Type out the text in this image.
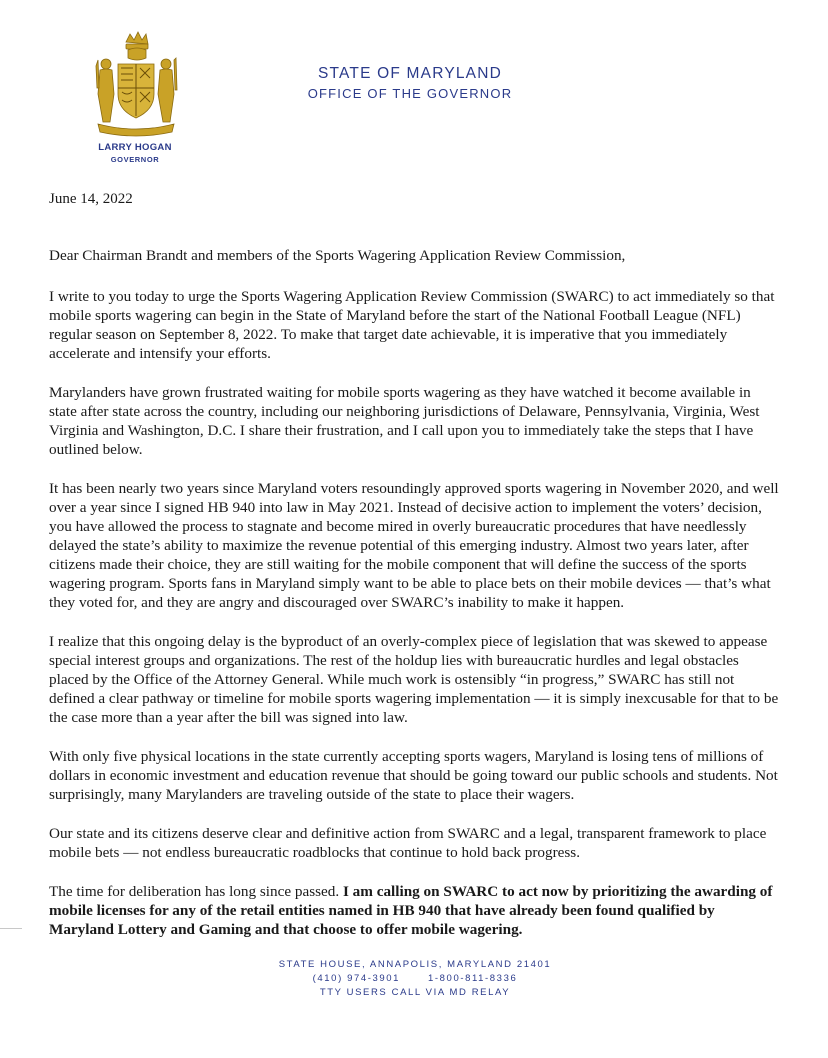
LARRY HOGAN
GOVERNOR
STATE OF MARYLAND
OFFICE OF THE GOVERNOR
June 14, 2022

Dear Chairman Brandt and members of the Sports Wagering Application Review Commission,

I write to you today to urge the Sports Wagering Application Review Commission (SWARC) to act immediately so that mobile sports wagering can begin in the State of Maryland before the start of the National Football League (NFL) regular season on September 8, 2022. To make that target date achievable, it is imperative that you immediately accelerate and intensify your efforts.

Marylanders have grown frustrated waiting for mobile sports wagering as they have watched it become available in state after state across the country, including our neighboring jurisdictions of Delaware, Pennsylvania, Virginia, West Virginia and Washington, D.C. I share their frustration, and I call upon you to immediately take the steps that I have outlined below.

It has been nearly two years since Maryland voters resoundingly approved sports wagering in November 2020, and well over a year since I signed HB 940 into law in May 2021. Instead of decisive action to implement the voters’ decision, you have allowed the process to stagnate and become mired in overly bureaucratic procedures that have needlessly delayed the state’s ability to maximize the revenue potential of this emerging industry. Almost two years later, after citizens made their choice, they are still waiting for the mobile component that will define the success of the sports wagering program. Sports fans in Maryland simply want to be able to place bets on their mobile devices — that’s what they voted for, and they are angry and discouraged over SWARC’s inability to make it happen.

I realize that this ongoing delay is the byproduct of an overly-complex piece of legislation that was skewed to appease special interest groups and organizations. The rest of the holdup lies with bureaucratic hurdles and legal obstacles placed by the Office of the Attorney General. While much work is ostensibly “in progress,” SWARC has still not defined a clear pathway or timeline for mobile sports wagering implementation — it is simply inexcusable for that to be the case more than a year after the bill was signed into law.

With only five physical locations in the state currently accepting sports wagers, Maryland is losing tens of millions of dollars in economic investment and education revenue that should be going toward our public schools and students. Not surprisingly, many Marylanders are traveling outside of the state to place their wagers.

Our state and its citizens deserve clear and definitive action from SWARC and a legal, transparent framework to place mobile bets — not endless bureaucratic roadblocks that continue to hold back progress.

The time for deliberation has long since passed. I am calling on SWARC to act now by prioritizing the awarding of mobile licenses for any of the retail entities named in HB 940 that have already been found qualified by Maryland Lottery and Gaming and that choose to offer mobile wagering.

STATE HOUSE, ANNAPOLIS, MARYLAND 21401
(410) 974-3901	1-800-811-8336
TTY USERS CALL VIA MD RELAY
